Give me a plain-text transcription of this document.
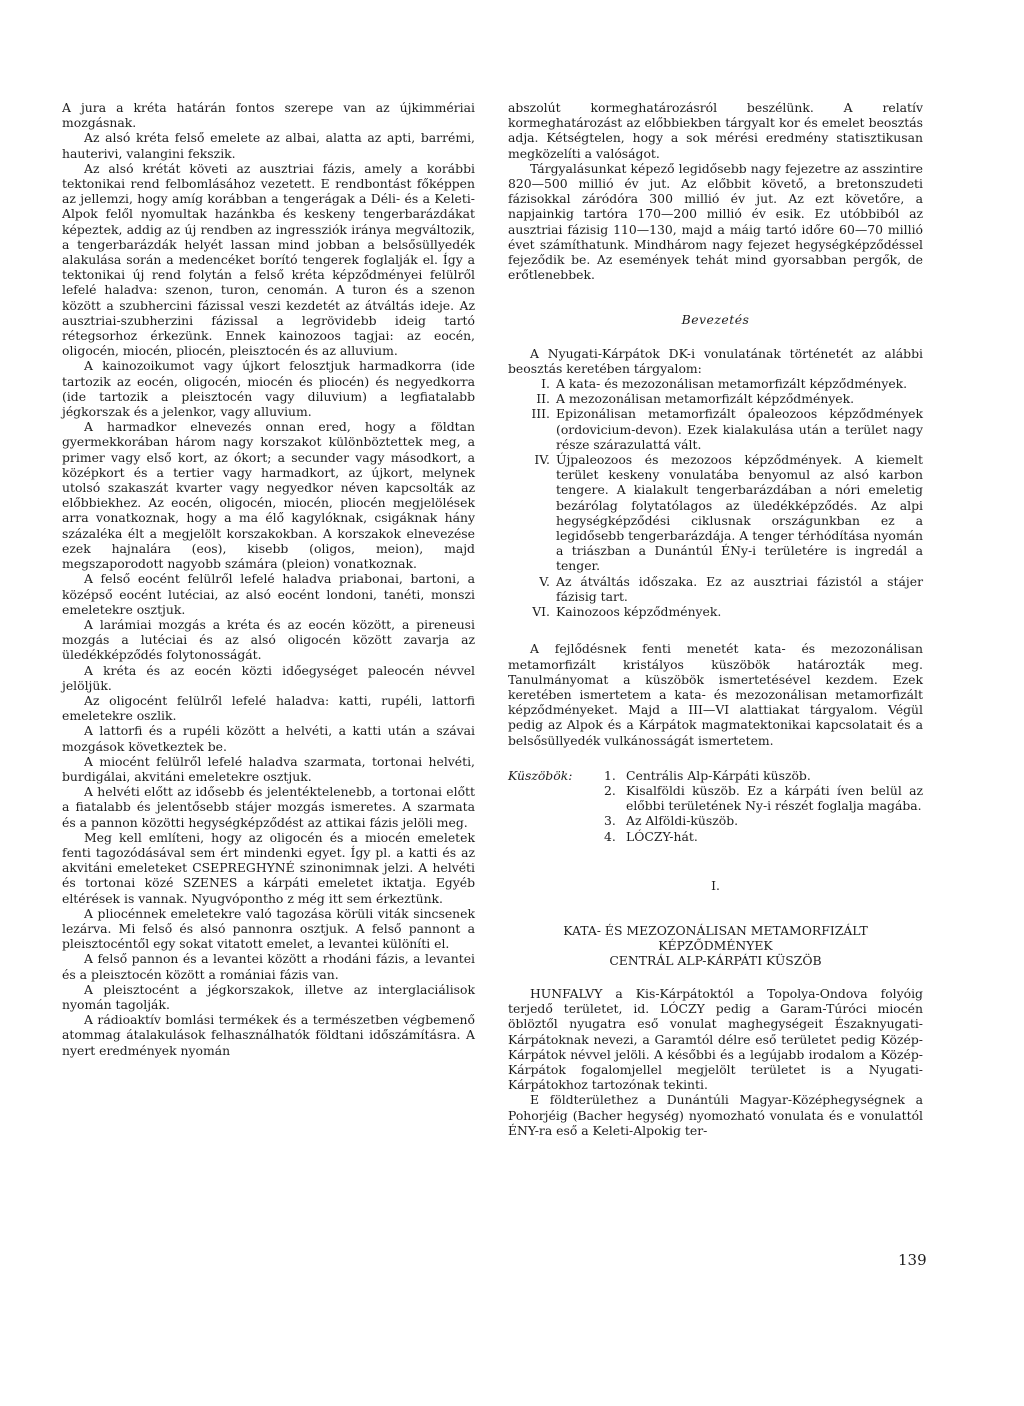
A jura a kréta határán fontos szerepe van az újkimmériai mozgásnak.

Az alsó kréta felső emelete az albai, alatta az apti, barrémi, hauterivi, valangini fekszik.

Az alsó krétát követi az ausztriai fázis, amely a korábbi tektonikai rend felbomlásához vezetett. E rendbontást főképpen az jellemzi, hogy amíg korábban a tengerágak a Déli- és a Keleti-Alpok felől nyomultak hazánkba és keskeny tengerbarázdákat képeztek, addig az új rendben az ingressziók iránya megváltozik, a tengerbarázdák helyét lassan mind jobban a belsősüllyedék alakulása során a medencéket borító tengerek foglalják el. Így a tektonikai új rend folytán a felső kréta képződményei felülről lefelé haladva: szenon, turon, cenomán. A turon és a szenon között a szubhercini fázissal veszi kezdetét az átváltás ideje. Az ausztriai-szubherzini fázissal a legrövidebb ideig tartó rétegsorhoz érkezünk. Ennek kainozoos tagjai: az eocén, oligocén, miocén, pliocén, pleisztocén és az alluvium.

A kainozoikumot vagy újkort felosztjuk harmadkorra (ide tartozik az eocén, oligocén, miocén és pliocén) és negyedkorra (ide tartozik a pleisztocén vagy diluvium) a legfiatalabb jégkorszak és a jelenkor, vagy alluvium.

A harmadkor elnevezés onnan ered, hogy a földtan gyermekkorában három nagy korszakot különböztettek meg, a primer vagy első kort, az ókort; a secunder vagy másodkort, a középkort és a tertier vagy harmadkort, az újkort, melynek utolsó szakaszát kvarter vagy negyedkor néven kapcsolták az előbbiekhez. Az eocén, oligocén, miocén, pliocén megjelölések arra vonatkoznak, hogy a ma élő kagylóknak, csigáknak hány százaléka élt a megjelölt korszakokban. A korszakok elnevezése ezek hajnalára (eos), kisebb (oligos, meion), majd megszaporodott nagyobb számára (pleion) vonatkoznak.

A felső eocént felülről lefelé haladva priabonai, bartoni, a középső eocént lutéciai, az alsó eocént londoni, tanéti, monszi emeletekre osztjuk.

A larámiai mozgás a kréta és az eocén között, a pireneusi mozgás a lutéciai és az alsó oligocén között zavarja az üledékképződés folytonosságát.

A kréta és az eocén közti időegységet paleocén névvel jelöljük.

Az oligocént felülről lefelé haladva: katti, rupéli, lattorfi emeletekre oszlik.

A lattorfi és a rupéli között a helvéti, a katti után a szávai mozgások következtek be.

A miocént felülről lefelé haladva szarmata, tortonai helvéti, burdigálai, akvitáni emeletekre osztjuk.

A helvéti előtt az idősebb és jelentéktelenebb, a tortonai előtt a fiatalabb és jelentősebb stájer mozgás ismeretes. A szarmata és a pannon közötti hegységképződést az attikai fázis jelöli meg.

Meg kell említeni, hogy az oligocén és a miocén emeletek fenti tagozódásával sem ért mindenki egyet. Így pl. a katti és az akvitáni emeleteket CSEPREGHYNÉ szinonimnak jelzi. A helvéti és tortonai közé SZENES a kárpáti emeletet iktatja. Egyéb eltérések is vannak. Nyugvópontho z még itt sem érkeztünk.

A pliocénnek emeletekre való tagozása körüli viták sincsenek lezárva. Mi felső és alsó pannonra osztjuk. A felső pannont a pleisztocéntől egy sokat vitatott emelet, a levantei különíti el.

A felső pannon és a levantei között a rhodáni fázis, a levantei és a pleisztocén között a romániai fázis van.

A pleisztocént a jégkorszakok, illetve az interglaciálisok nyomán tagolják.

A rádioaktív bomlási termékek és a természetben végbemenő atommag átalakulások felhasználhatók földtani időszámításra. A nyert eredmények nyomán

abszolút kormeghatározásról beszélünk. A relatív kormeghatározást az előbbiekben tárgyalt kor és emelet beosztás adja. Kétségtelen, hogy a sok mérési eredmény statisztikusan megközelíti a valóságot.

Tárgyalásunkat képező legidősebb nagy fejezetre az asszintire 820—500 millió év jut. Az előbbit követő, a bretonszudeti fázisokkal záródóra 300 millió év jut. Az ezt követőre, a napjainkig tartóra 170—200 millió év esik. Ez utóbbiból az ausztriai fázisig 110—130, majd a máig tartó időre 60—70 millió évet számíthatunk. Mindhárom nagy fejezet hegységképződéssel fejeződik be. Az események tehát mind gyorsabban pergők, de erőtlenebbek.

Bevezetés

A Nyugati-Kárpátok DK-i vonulatának történetét az alábbi beosztás keretében tárgyalom:

I. A kata- és mezozonálisan metamorfizált képződmények.
II. A mezozonálisan metamorfizált képződmények.
III. Epizonálisan metamorfizált ópaleozoos képződmények (ordovicium-devon). Ezek kialakulása után a terület nagy része szárazulattá vált.
IV. Újpaleozoos és mezozoos képződmények. A kiemelt terület keskeny vonulatába benyomul az alsó karbon tengere. A kialakult tengerbarázdában a nóri emeletig bezárólag folytatólagos az üledékképződés. Az alpi hegységképződési ciklusnak országunkban ez a legidősebb tengerbarázdája. A tenger térhódítása nyomán a triászban a Dunántúl ÉNy-i területére is ingredál a tenger.
V. Az átváltás időszaka. Ez az ausztriai fázistól a stájer fázisig tart.
VI. Kainozoos képződmények.

A fejlődésnek fenti menetét kata- és mezozonálisan metamorfizált kristályos küszöbök határozták meg. Tanulmányomat a küszöbök ismertetésével kezdem. Ezek keretében ismertetem a kata- és mezozonálisan metamorfizált képződményeket. Majd a III—VI alattiakat tárgyalom. Végül pedig az Alpok és a Kárpátok magmatektonikai kapcsolatait és a belsősüllyedék vulkánosságát ismertetem.

Küszöbök:	1. Centrális Alp-Kárpáti küszöb.
2. Kisalföldi küszöb. Ez a kárpáti íven belül az előbbi területének Ny-i részét foglalja magába.
3. Az Alföldi-küszöb.
4. LÓCZY-hát.
I.
KATA- ÉS MEZOZONÁLISAN METAMORFIZÁLT
KÉPZŐDMÉNYEK
CENTRÁL ALP-KÁRPÁTI KÜSZÖB

HUNFALVY a Kis-Kárpátoktól a Topolya-Ondova folyóig terjedő területet, id. LÓCZY pedig a Garam-Túróci miocén öblöztől nyugatra eső vonulat maghegységeit Északnyugati-Kárpátoknak nevezi, a Garamtól délre eső területet pedig Közép-Kárpátok névvel jelöli. A későbbi és a legújabb irodalom a Közép-Kárpátok fogalomjellel megjelölt területet is a Nyugati-Kárpátokhoz tartozónak tekinti.

E földterülethez a Dunántúli Magyar-Középhegységnek a Pohorjéig (Bacher hegység) nyomozható vonulata és e vonulattól ÉNY-ra eső a Keleti-Alpokig ter-

139
